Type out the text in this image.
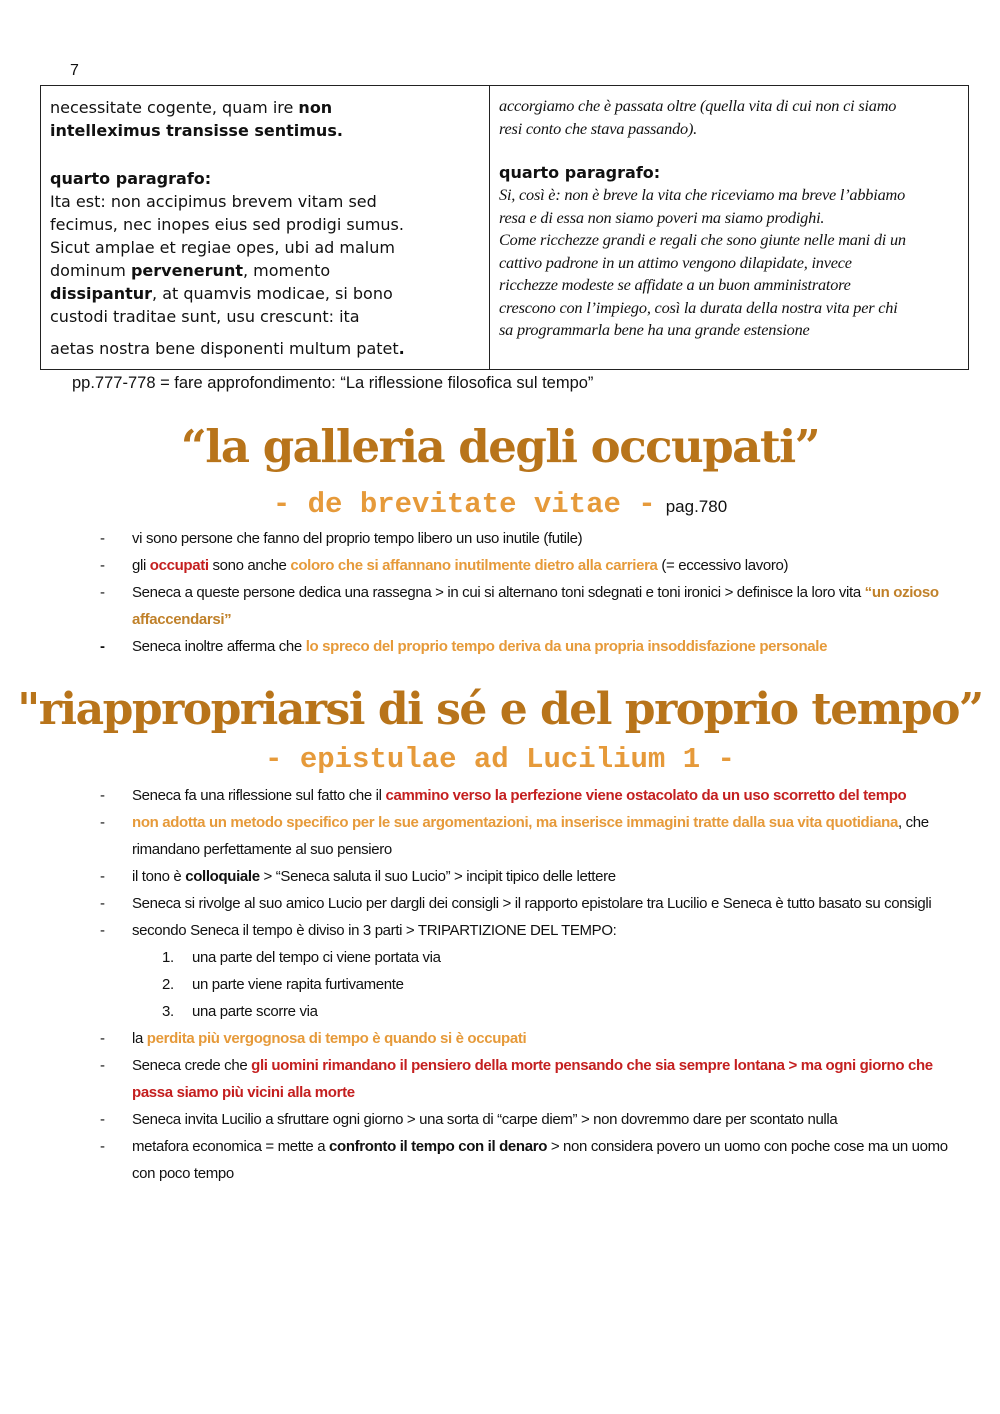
7

necessitate cogente, quam ire non
intelleximus transisse sentimus.

quarto paragrafo:

Ita est: non accipimus brevem vitam sed
fecimus, nec inopes eius sed prodigi sumus.
Sicut amplae et regiae opes, ubi ad malum
dominum pervenerunt, momento
dissipantur, at quamvis modicae, si bono
custodi traditae sunt, usu crescunt: ita

aetas nostra bene disponenti multum patet.

accorgiamo che è passata oltre (quella vita di cui non ci siamo
resi conto che stava passando).

quarto paragrafo:

Si, così è: non è breve la vita che riceviamo ma breve l’abbiamo
resa e di essa non siamo poveri ma siamo prodighi.
Come ricchezze grandi e regali che sono giunte nelle mani di un
cattivo padrone in un attimo vengono dilapidate, invece
ricchezze modeste se affidate a un buon amministratore
crescono con l’impiego, così la durata della nostra vita per chi
sa programmarla bene ha una grande estensione

pp.777-778 = fare approfondimento: “La riflessione filosofica sul tempo”
“la galleria degli occupati”
- de brevitate vitae - pag.780
- vi sono persone che fanno del proprio tempo libero un uso inutile (futile)
- gli occupati sono anche coloro che si affannano inutilmente dietro alla carriera (= eccessivo lavoro)
- Seneca a queste persone dedica una rassegna > in cui si alternano toni sdegnati e toni ironici > definisce la loro vita “un ozioso affaccendarsi”
- Seneca inoltre afferma che lo spreco del proprio tempo deriva da una propria insoddisfazione personale
"riappropriarsi di sé e del proprio tempo”
- epistulae ad Lucilium 1 -
- Seneca fa una riflessione sul fatto che il cammino verso la perfezione viene ostacolato da un uso scorretto del tempo
- non adotta un metodo specifico per le sue argomentazioni, ma inserisce immagini tratte dalla sua vita quotidiana, che rimandano perfettamente al suo pensiero
- il tono è colloquiale > “Seneca saluta il suo Lucio” > incipit tipico delle lettere
- Seneca si rivolge al suo amico Lucio per dargli dei consigli > il rapporto epistolare tra Lucilio e Seneca è tutto basato su consigli
- secondo Seneca il tempo è diviso in 3 parti > TRIPARTIZIONE DEL TEMPO:
1. una parte del tempo ci viene portata via
2. un parte viene rapita furtivamente
3. una parte scorre via
- la perdita più vergognosa di tempo è quando si è occupati
- Seneca crede che gli uomini rimandano il pensiero della morte pensando che sia sempre lontana > ma ogni giorno che passa siamo più vicini alla morte
- Seneca invita Lucilio a sfruttare ogni giorno > una sorta di “carpe diem” > non dovremmo dare per scontato nulla
- metafora economica = mette a confronto il tempo con il denaro > non considera povero un uomo con poche cose ma un uomo con poco tempo
